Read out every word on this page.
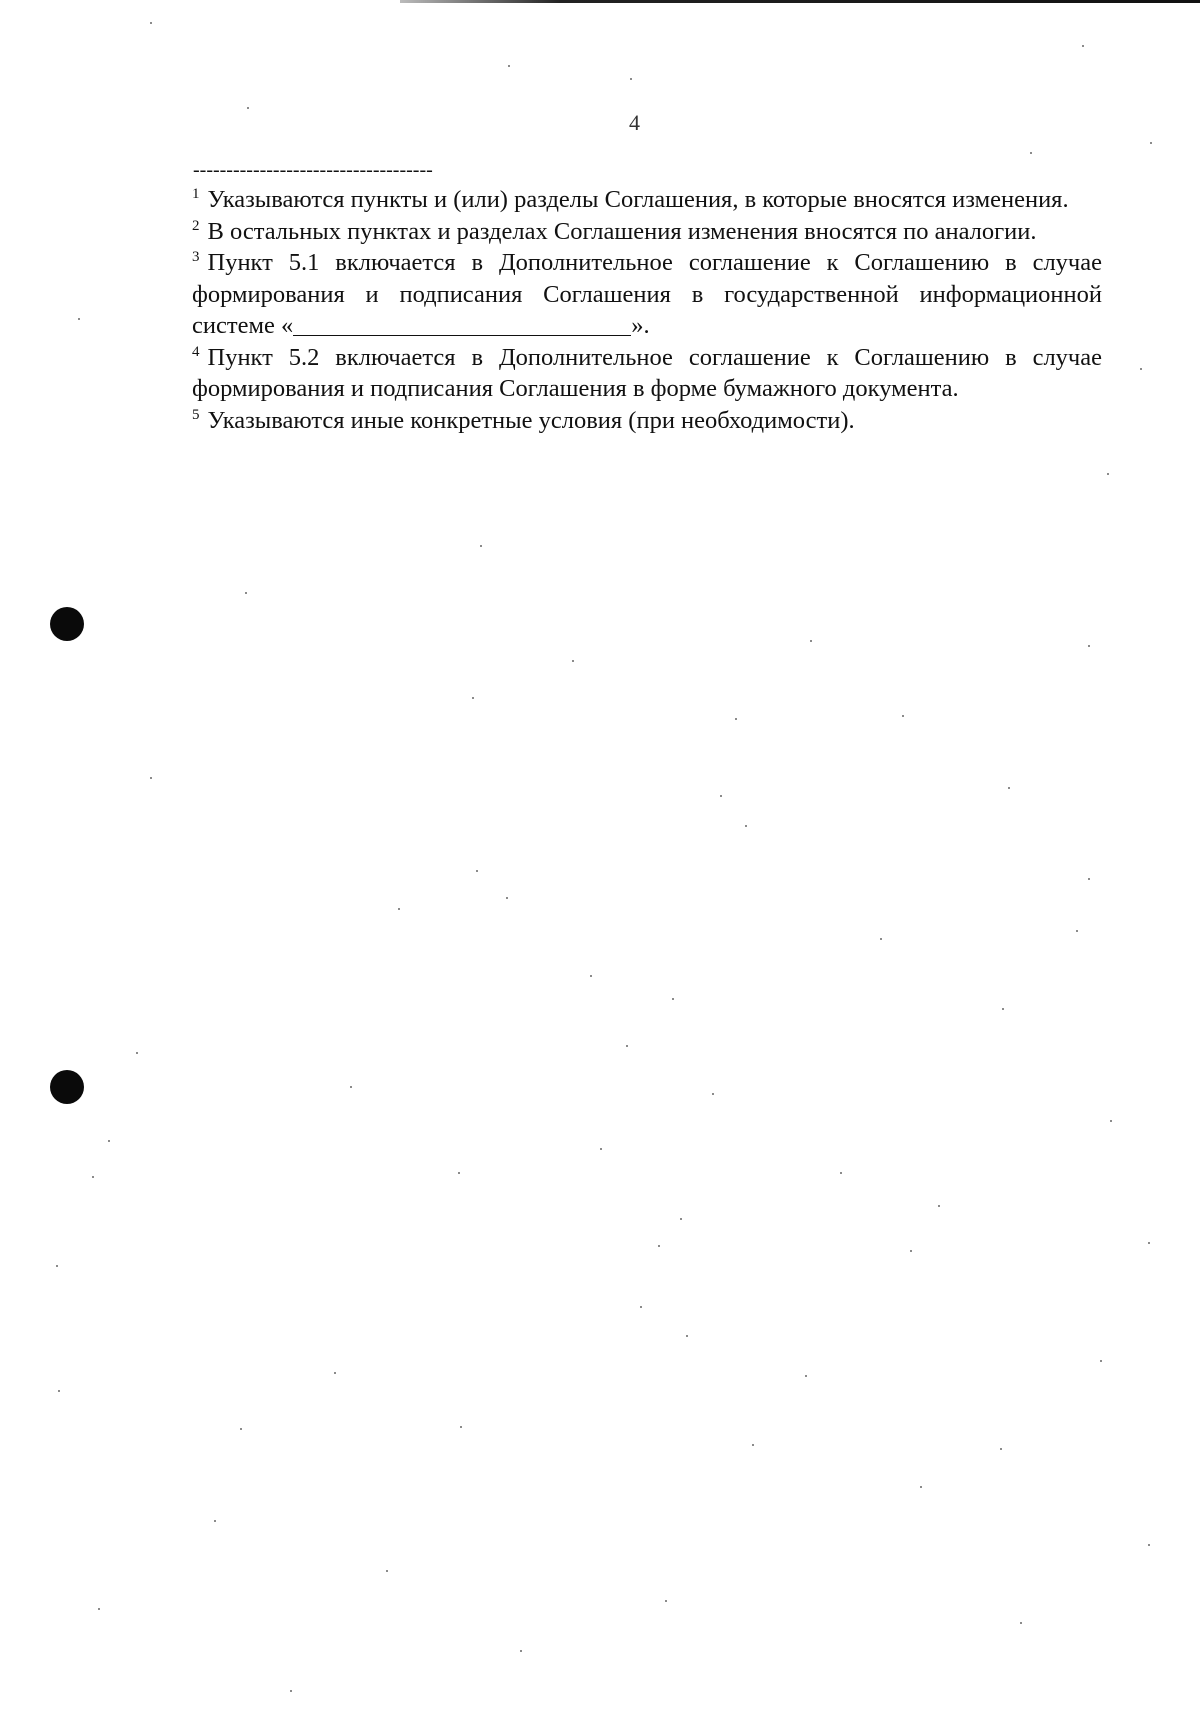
4
------------------------------------

$^1$ Указываются пункты и (или) разделы Соглашения, в которые вносятся изменения.

$^2$ В остальных пунктах и разделах Соглашения изменения вносятся по аналогии.

$^3$ Пункт 5.1 включается в Дополнительное соглашение к Соглашению в случае формирования и подписания Соглашения в государственной информационной системе «	».

$^4$ Пункт 5.2 включается в Дополнительное соглашение к Соглашению в случае формирования и подписания Соглашения в форме бумажного документа.

$^5$ Указываются иные конкретные условия (при необходимости).
